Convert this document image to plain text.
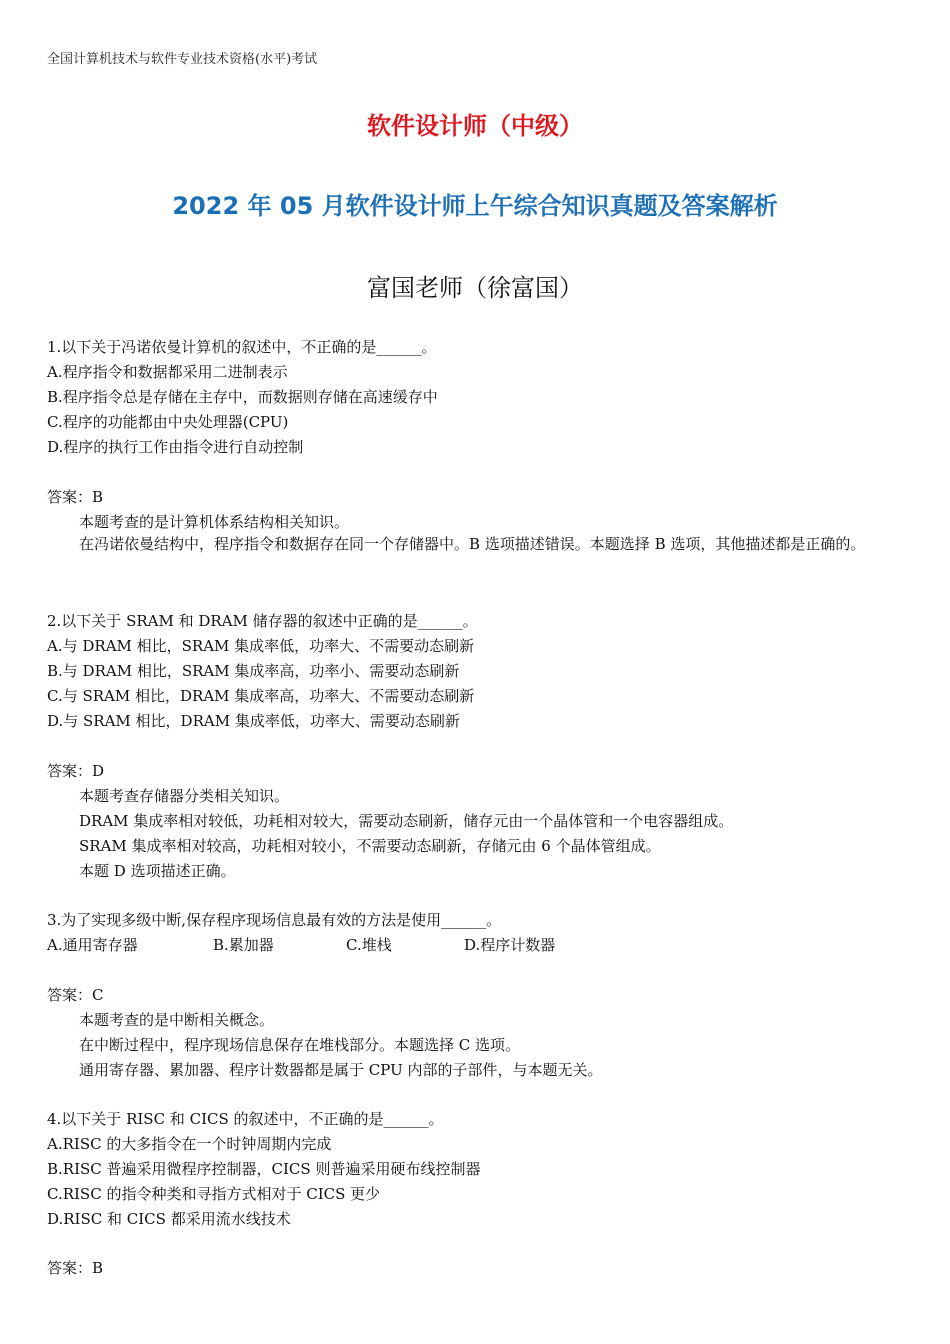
全国计算机技术与软件专业技术资格(水平)考试
软件设计师（中级）
2022 年 05 月软件设计师上午综合知识真题及答案解析
富国老师（徐富国）
1.以下关于冯诺依曼计算机的叙述中，不正确的是______。
A.程序指令和数据都采用二进制表示
B.程序指令总是存储在主存中，而数据则存储在高速缓存中
C.程序的功能都由中央处理器(CPU)
D.程序的执行工作由指令进行自动控制
答案：B
本题考查的是计算机体系结构相关知识。
在冯诺依曼结构中，程序指令和数据存在同一个存储器中。B 选项描述错误。本题选择 B 选项，其他描述都是正确的。
2.以下关于 SRAM 和 DRAM 储存器的叙述中正确的是______。
A.与 DRAM 相比，SRAM 集成率低，功率大、不需要动态刷新
B.与 DRAM 相比，SRAM 集成率高，功率小、需要动态刷新
C.与 SRAM 相比，DRAM 集成率高，功率大、不需要动态刷新
D.与 SRAM 相比，DRAM 集成率低，功率大、需要动态刷新
答案：D
本题考查存储器分类相关知识。
DRAM 集成率相对较低，功耗相对较大，需要动态刷新，储存元由一个晶体管和一个电容器组成。
SRAM 集成率相对较高，功耗相对较小，不需要动态刷新，存储元由 6 个晶体管组成。
本题 D 选项描述正确。
3.为了实现多级中断,保存程序现场信息最有效的方法是使用______。
A.通用寄存器	B.累加器	C.堆栈	D.程序计数器
答案：C
本题考查的是中断相关概念。
在中断过程中，程序现场信息保存在堆栈部分。本题选择 C 选项。
通用寄存器、累加器、程序计数器都是属于 CPU 内部的子部件，与本题无关。
4.以下关于 RISC 和 CICS 的叙述中，不正确的是______。
A.RISC 的大多指令在一个时钟周期内完成
B.RISC 普遍采用微程序控制器，CICS 则普遍采用硬布线控制器
C.RISC 的指令种类和寻指方式相对于 CICS 更少
D.RISC 和 CICS 都采用流水线技术
答案：B
